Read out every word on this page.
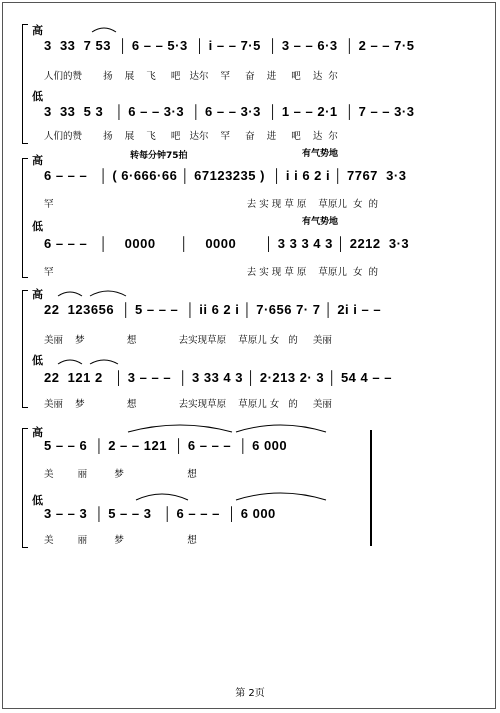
高
3  33  7 53  │ 6 – – 5·3  │ i – – 7·5  │ 3 – – 6·3  │ 2 – – 7·5
人们的赞       扬    展    飞     吧   达尔    罕     奋    进     吧    达  尔
低
3  33  5 3   │ 6 – – 3·3  │ 6 – – 3·3  │ 1 – – 2·1  │ 7 – – 3·3
人们的赞       扬    展    飞     吧   达尔    罕     奋    进     吧    达  尔
转每分钟75拍	有气势地
高
6 – – –   │ ( 6·666·66 │ 67123235 )  │ i i 6 2 i │ 7767  3·3
罕                                                                去 实 现 草 原    草原儿  女  的
有气势地
低
6 – – –   │    0000      │    0000       │ 3 3 3 4 3 │ 2212  3·3
罕                                                                去 实 现 草 原    草原儿  女  的
高
22  123656  │ 5 – – –  │ ii 6 2 i │ 7·656 7· 7 │ 2i i – –
美丽    梦              想              去实现草原    草原儿 女   的     美丽
低
22  121 2   │ 3 – – –  │ 3 33 4 3 │ 2·213 2· 3 │ 54 4 – –
美丽    梦              想              去实现草原    草原儿 女   的     美丽
高
5 – – 6  │ 2 – – 121  │ 6 – – –  │ 6 000
美        丽         梦                     想
低
3 – – 3  │ 5 – – 3   │ 6 – – –  │ 6 000
美        丽         梦                     想
第 2页
